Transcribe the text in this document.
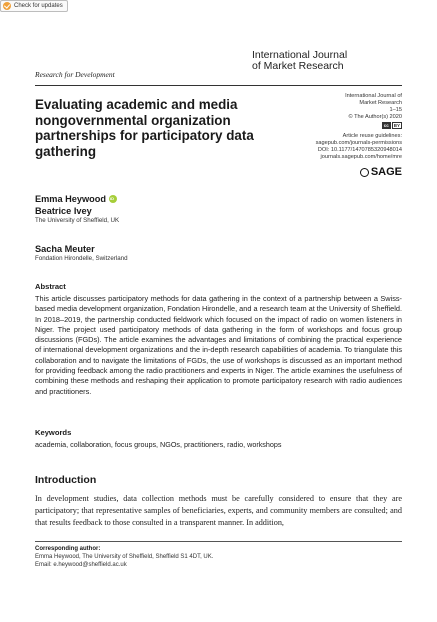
Check for updates
International Journal
of Market Research
Research for Development
Evaluating academic and media nongovernmental organization partnerships for participatory data gathering
International Journal of
Market Research
1–15
© The Author(s) 2020
cc	BY
Article reuse guidelines:
sagepub.com/journals-permissions
DOI: 10.1177/1470785320948014
journals.sagepub.com/home/mre
SAGE
Emma Heywood
iD
Beatrice Ivey
The University of Sheffield, UK
Sacha Meuter
Fondation Hirondelle, Switzerland
Abstract

This article discusses participatory methods for data gathering in the context of a partnership between a Swiss-based media development organization, Fondation Hirondelle, and a research team at the University of Sheffield. In 2018–2019, the partnership conducted fieldwork which focused on the impact of radio on women listeners in Niger. The project used participatory methods of data gathering in the form of workshops and focus group discussions (FGDs). The article examines the advantages and limitations of combining the practical experience of international development organizations and the in-depth research capabilities of academia. To triangulate this collaboration and to navigate the limitations of FGDs, the use of workshops is discussed as an important method for providing feedback among the radio practitioners and experts in Niger. The article examines the usefulness of combining these methods and reshaping their application to promote participatory research with radio audiences and practitioners.

Keywords

academia, collaboration, focus groups, NGOs, practitioners, radio, workshops

Introduction

In development studies, data collection methods must be carefully considered to ensure that they are participatory; that representative samples of beneficiaries, experts, and community members are consulted; and that results feedback to those consulted in a transparent manner. In addition,

Corresponding author:
Emma Heywood, The University of Sheffield, Sheffield S1 4DT, UK.
Email: e.heywood@sheffield.ac.uk
